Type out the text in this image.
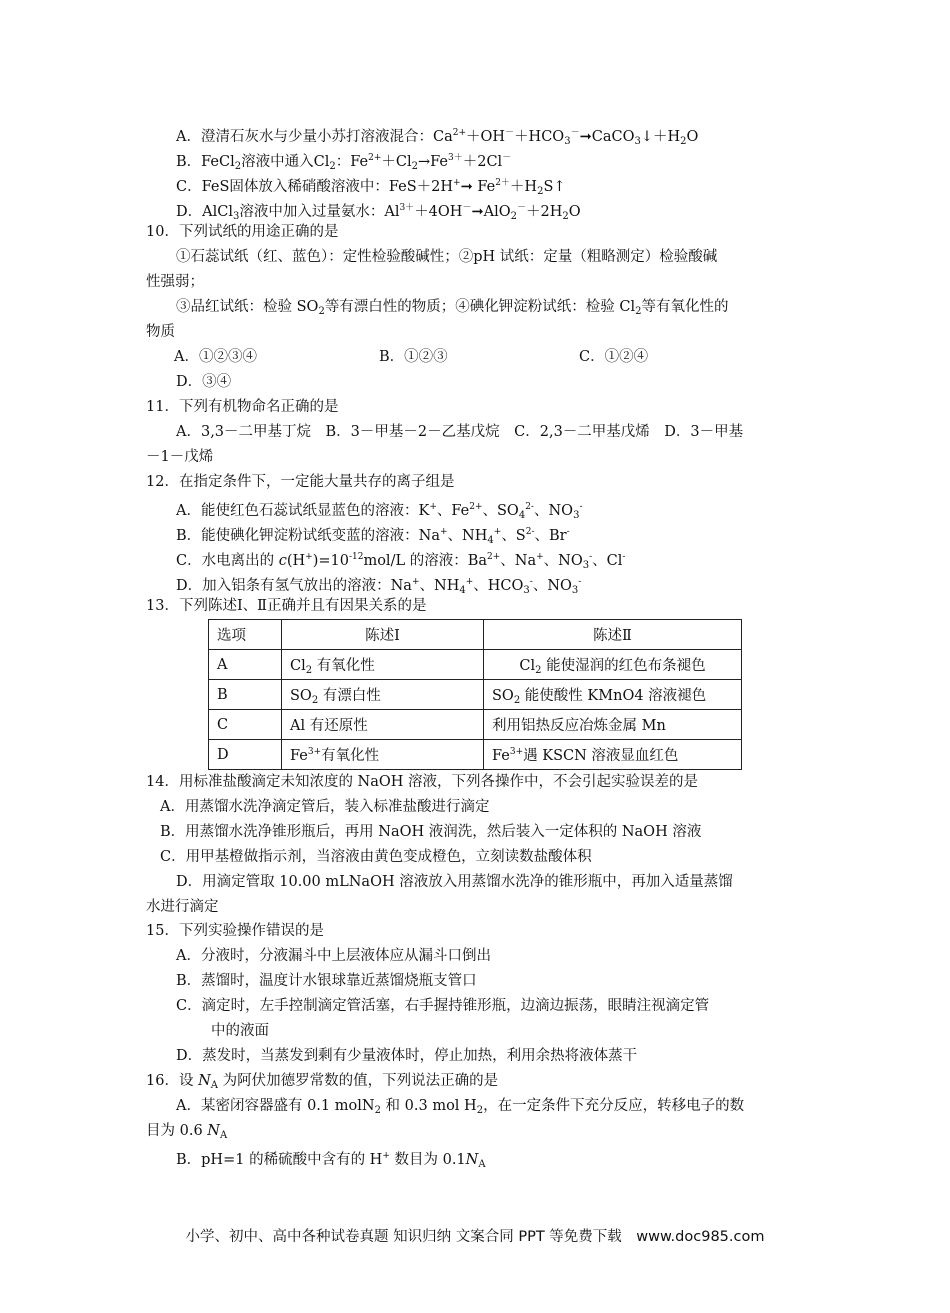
A．澄清石灰水与少量小苏打溶液混合：$Ca^{2+}+OH^-+HCO_3^-➞CaCO_3↓+H_2O$
B．FeCl$_2$溶液中通入$Cl_2$：$Fe^{2+}+Cl_2\to Fe^{3+}+2Cl^-$
C．FeS固体放入稀硝酸溶液中：FeS＋2H+➞ $Fe^{2+}+H_2S↑$
D．AlCl$_3$溶液中加入过量氨水：$Al^{3+}+4OH^-➞AlO_2^-+2H_2O$
10．下列试纸的用途正确的是
①石蕊试纸（红、蓝色）：定性检验酸碱性；②pH 试纸：定量（粗略测定）检验酸碱
性强弱；
③品红试纸：检验 $SO_2$等有漂白性的物质；④碘化钾淀粉试纸：检验 $Cl_2$等有氧化性的
物质
A．①②③④	B．①②③	C．①②④
D．③④
11．下列有机物命名正确的是
A．3,3－二甲基丁烷　B．3－甲基－2－乙基戊烷　C．2,3－二甲基戊烯　D．3－甲基
－1－戊烯
12．在指定条件下，一定能大量共存的离子组是
A．能使红色石蕊试纸显蓝色的溶液：K+、$Fe^{2+}$、$SO_4^{2-}$、$NO_3^-$
B．能使碘化钾淀粉试纸变蓝的溶液：Na+、$NH_4^+$、$S^{2-}$、Br-
C．水电离出的 $c(H^+)=10^{-12}mol/L$ 的溶液：$Ba^{2+}$、Na+、$NO_3^-$、Cl-
D．加入铝条有氢气放出的溶液：Na+、$NH_4^+$、$HCO_3^-$、$NO_3^-$
13．下列陈述Ⅰ、Ⅱ正确并且有因果关系的是
选项	陈述Ⅰ	陈述Ⅱ
A	$Cl_2$ 有氧化性	$Cl_2$ 能使湿润的红色布条褪色
B	$SO_2$ 有漂白性	$SO_2$ 能使酸性 KMnO4 溶液褪色
C	Al 有还原性	利用铝热反应冶炼金属 Mn
D	$Fe^{3+}$有氧化性	$Fe^{3+}$遇 KSCN 溶液显血红色
14．用标准盐酸滴定未知浓度的 NaOH 溶液，下列各操作中，不会引起实验误差的是
A．用蒸馏水洗净滴定管后，装入标准盐酸进行滴定
B．用蒸馏水洗净锥形瓶后，再用 NaOH 液润洗，然后装入一定体积的 NaOH 溶液
C．用甲基橙做指示剂，当溶液由黄色变成橙色，立刻读数盐酸体积
D．用滴定管取 10.00 mLNaOH 溶液放入用蒸馏水洗净的锥形瓶中，再加入适量蒸馏
水进行滴定
15．下列实验操作错误的是
A．分液时，分液漏斗中上层液体应从漏斗口倒出
B．蒸馏时，温度计水银球靠近蒸馏烧瓶支管口
C．滴定时，左手控制滴定管活塞，右手握持锥形瓶，边滴边振荡，眼睛注视滴定管
中的液面
D．蒸发时，当蒸发到剩有少量液体时，停止加热，利用余热将液体蒸干
16．设 $N_A$ 为阿伏加德罗常数的值，下列说法正确的是
A．某密闭容器盛有 0.1 molN$_2$ 和 0.3 mol $H_2$，在一定条件下充分反应，转移电子的数
目为 0.6 $N_A$
B．pH=1 的稀硫酸中含有的 H+ 数目为 $0.1N_A$
小学、初中、高中各种试卷真题 知识归纳 文案合同 PPT 等免费下载　www.doc985.com
